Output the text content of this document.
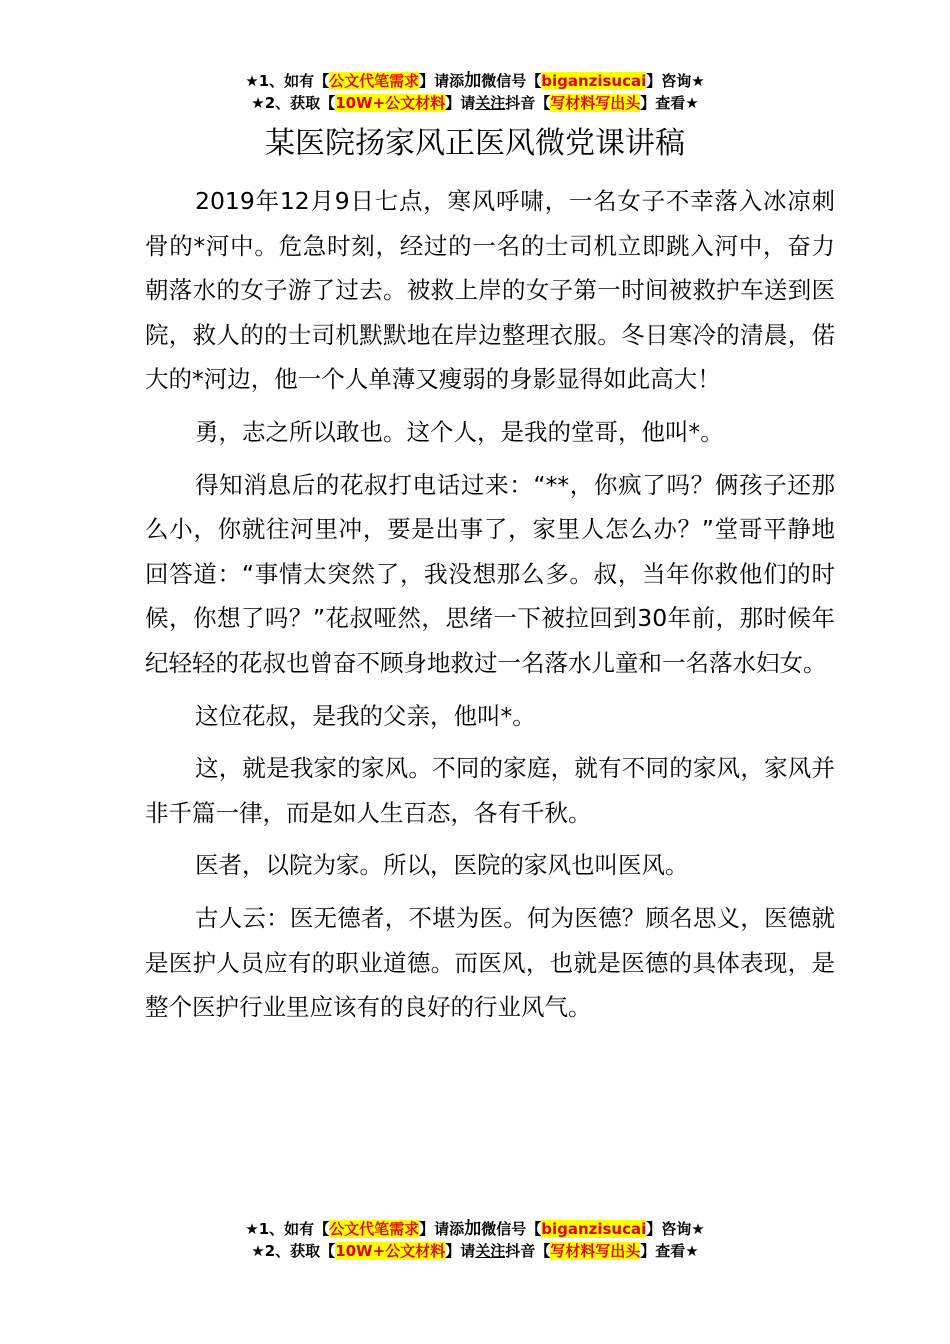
★1、如有【公文代笔需求】请添加微信号【biganzisucai】咨询★
★2、获取【10W+公文材料】请关注抖音【写材料写出头】查看★
某医院扬家风正医风微党课讲稿

2019年12月9日七点，寒风呼啸，一名女子不幸落入冰凉刺骨的*河中。危急时刻，经过的一名的士司机立即跳入河中，奋力朝落水的女子游了过去。被救上岸的女子第一时间被救护车送到医院，救人的的士司机默默地在岸边整理衣服。冬日寒冷的清晨，偌大的*河边，他一个人单薄又瘦弱的身影显得如此高大！

勇，志之所以敢也。这个人，是我的堂哥，他叫*。

得知消息后的花叔打电话过来：“**，你疯了吗？俩孩子还那么小，你就往河里冲，要是出事了，家里人怎么办？”堂哥平静地回答道：“事情太突然了，我没想那么多。叔，当年你救他们的时候，你想了吗？”花叔哑然，思绪一下被拉回到30年前，那时候年纪轻轻的花叔也曾奋不顾身地救过一名落水儿童和一名落水妇女。

这位花叔，是我的父亲，他叫*。

这，就是我家的家风。不同的家庭，就有不同的家风，家风并非千篇一律，而是如人生百态，各有千秋。

医者，以院为家。所以，医院的家风也叫医风。

古人云：医无德者，不堪为医。何为医德？顾名思义，医德就是医护人员应有的职业道德。而医风，也就是医德的具体表现，是整个医护行业里应该有的良好的行业风气。

★1、如有【公文代笔需求】请添加微信号【biganzisucai】咨询★
★2、获取【10W+公文材料】请关注抖音【写材料写出头】查看★
